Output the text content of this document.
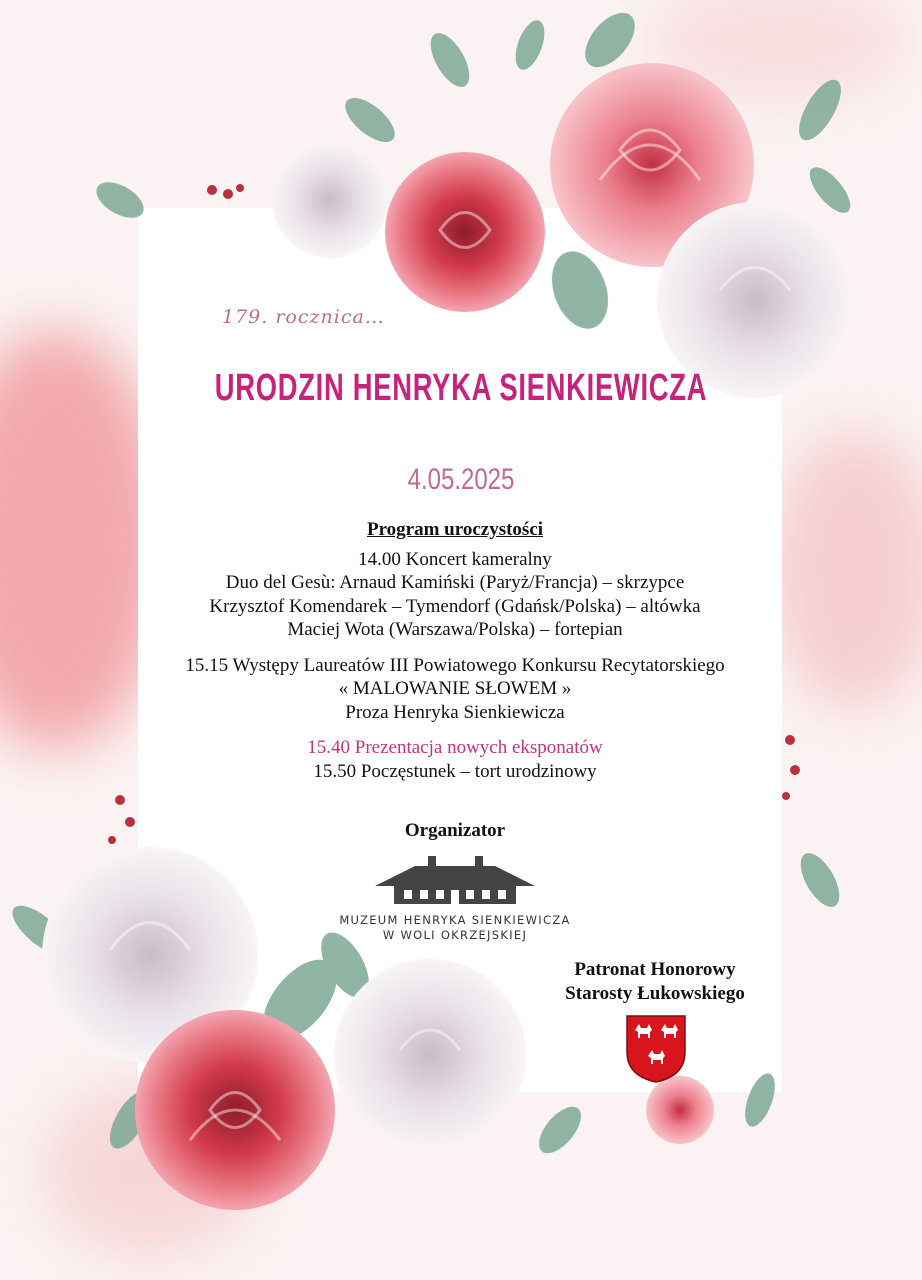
179. rocznica…
URODZIN HENRYKA SIENKIEWICZA
4.05.2025
Program uroczystości
14.00 Koncert kameralny
Duo del Gesù: Arnaud Kamiński (Paryż/Francja) – skrzypce
Krzysztof Komendarek – Tymendorf (Gdańsk/Polska) – altówka
Maciej Wota (Warszawa/Polska) – fortepian
15.15 Występy Laureatów III Powiatowego Konkursu Recytatorskiego
« MALOWANIE SŁOWEM »
Proza Henryka Sienkiewicza
15.40 Prezentacja nowych eksponatów
15.50 Poczęstunek – tort urodzinowy
Organizator
MUZEUM HENRYKA SIENKIEWICZA
W WOLI OKRZEJSKIEJ
Patronat Honorowy
Starosty Łukowskiego
